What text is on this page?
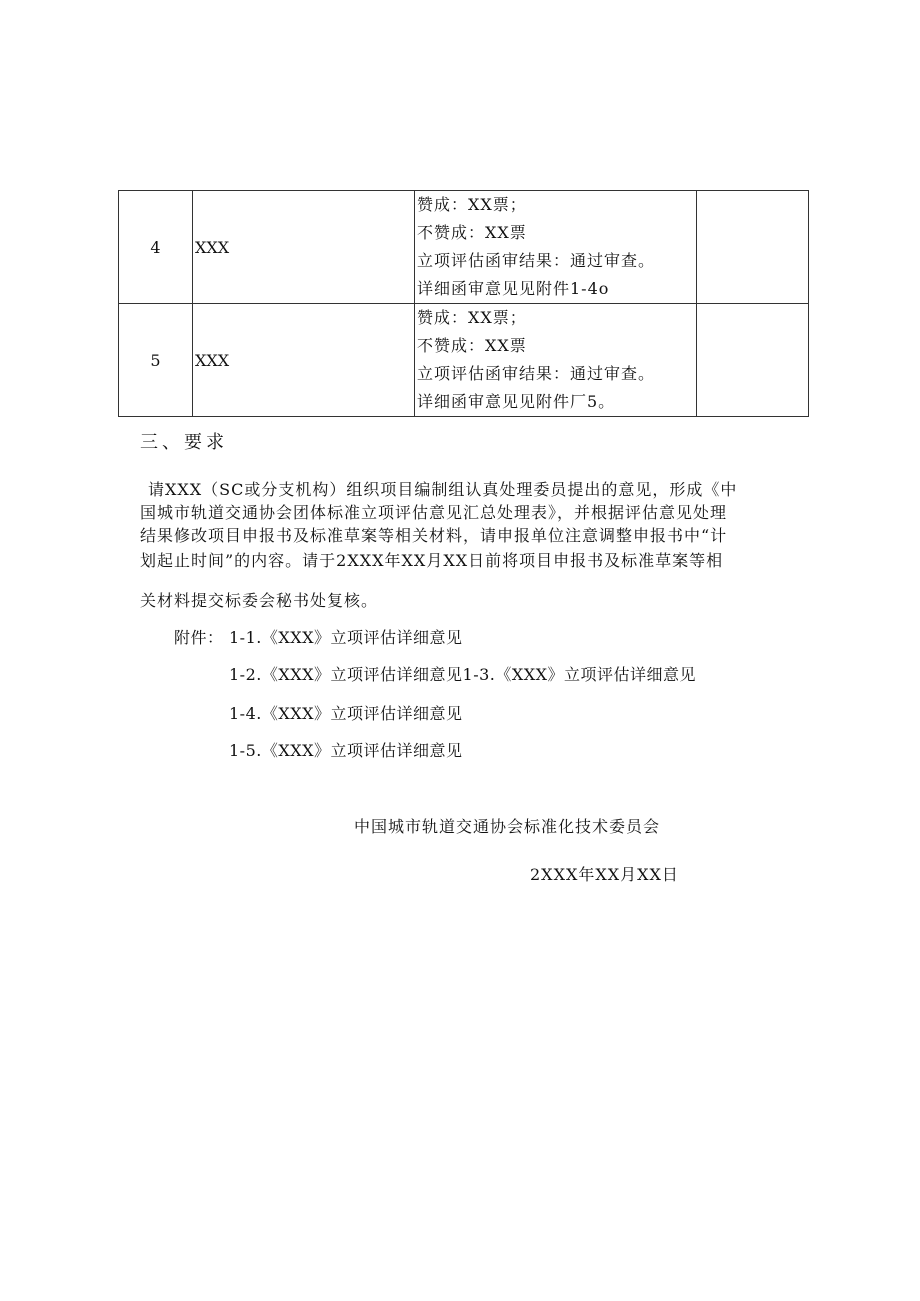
4	XXX	赞成：XX票；
不赞成：XX票
立项评估函审结果：通过审查。
详细函审意见见附件1-4o	

5	XXX	赞成：XX票；
不赞成：XX票
立项评估函审结果：通过审查。
详细函审意见见附件厂5。	

三、要求
请XXX（SC或分支机构）组织项目编制组认真处理委员提出的意见，形成《中
国城市轨道交通协会团体标准立项评估意见汇总处理表》，并根据评估意见处理
结果修改项目申报书及标准草案等相关材料，请申报单位注意调整申报书中“计
划起止时间”的内容。请于2XXX年XX月XX日前将项目申报书及标准草案等相
关材料提交标委会秘书处复核。
附件： 1-1.《XXX》立项评估详细意见
1-2.《XXX》立项评估详细意见1-3.《XXX》立项评估详细意见
1-4.《XXX》立项评估详细意见
1-5.《XXX》立项评估详细意见
中国城市轨道交通协会标准化技术委员会
2XXX年XX月XX日
